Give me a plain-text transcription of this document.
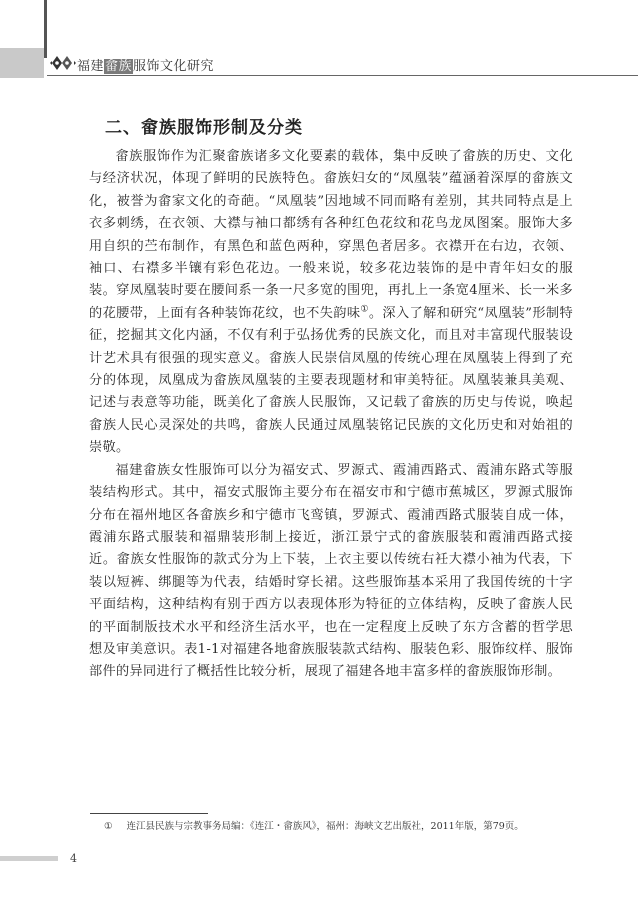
福建畲族服饰文化研究
二、畲族服饰形制及分类

畲族服饰作为汇聚畲族诸多文化要素的载体，集中反映了畲族的历史、文化与经济状况，体现了鲜明的民族特色。畲族妇女的“凤凰装”蕴涵着深厚的畲族文化，被誉为畲家文化的奇葩。“凤凰装”因地域不同而略有差别，其共同特点是上衣多刺绣，在衣领、大襟与袖口都绣有各种红色花纹和花鸟龙凤图案。服饰大多用自织的苎布制作，有黑色和蓝色两种，穿黑色者居多。衣襟开在右边，衣领、袖口、右襟多半镶有彩色花边。一般来说，较多花边装饰的是中青年妇女的服装。穿凤凰装时要在腰间系一条一尺多宽的围兜，再扎上一条宽4厘米、长一米多的花腰带，上面有各种装饰花纹，也不失韵味①。深入了解和研究“凤凰装”形制特征，挖掘其文化内涵，不仅有利于弘扬优秀的民族文化，而且对丰富现代服装设计艺术具有很强的现实意义。畲族人民崇信凤凰的传统心理在凤凰装上得到了充分的体现，凤凰成为畲族凤凰装的主要表现题材和审美特征。凤凰装兼具美观、记述与表意等功能，既美化了畲族人民服饰，又记载了畲族的历史与传说，唤起畲族人民心灵深处的共鸣，畲族人民通过凤凰装铭记民族的文化历史和对始祖的崇敬。

福建畲族女性服饰可以分为福安式、罗源式、霞浦西路式、霞浦东路式等服装结构形式。其中，福安式服饰主要分布在福安市和宁德市蕉城区，罗源式服饰分布在福州地区各畲族乡和宁德市飞鸾镇，罗源式、霞浦西路式服装自成一体，霞浦东路式服装和福鼎装形制上接近，浙江景宁式的畲族服装和霞浦西路式接近。畲族女性服饰的款式分为上下装，上衣主要以传统右衽大襟小袖为代表，下装以短裤、绑腿等为代表，结婚时穿长裙。这些服饰基本采用了我国传统的十字平面结构，这种结构有别于西方以表现体形为特征的立体结构，反映了畲族人民的平面制版技术水平和经济生活水平，也在一定程度上反映了东方含蓄的哲学思想及审美意识。表1-1对福建各地畲族服装款式结构、服装色彩、服饰纹样、服饰部件的异同进行了概括性比较分析，展现了福建各地丰富多样的畲族服饰形制。

① 连江县民族与宗教事务局编：《连江・畲族风》，福州：海峡文艺出版社，2011年版，第79页。
4
